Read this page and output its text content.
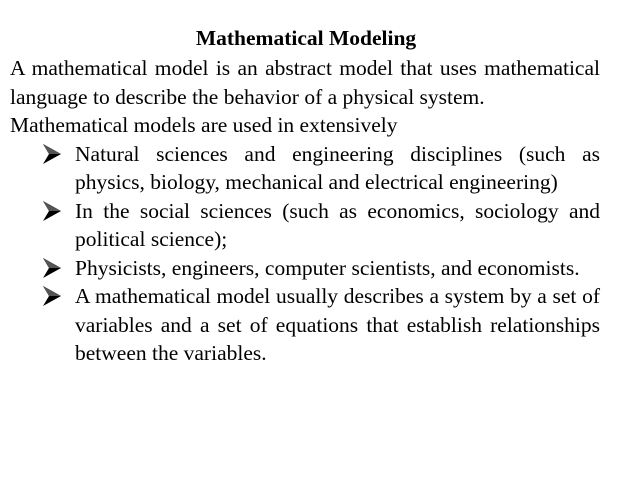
Mathematical Modeling

A mathematical model is an abstract model that uses mathematical language to describe the behavior of a physical system.

Mathematical models are used in extensively

Natural sciences and engineering disciplines (such as physics, biology, mechanical and electrical engineering)
In the social sciences (such as economics, sociology and political science);
Physicists, engineers, computer scientists, and economists.
A mathematical model usually describes a system by a set of variables and a set of equations that establish relationships between the variables.
